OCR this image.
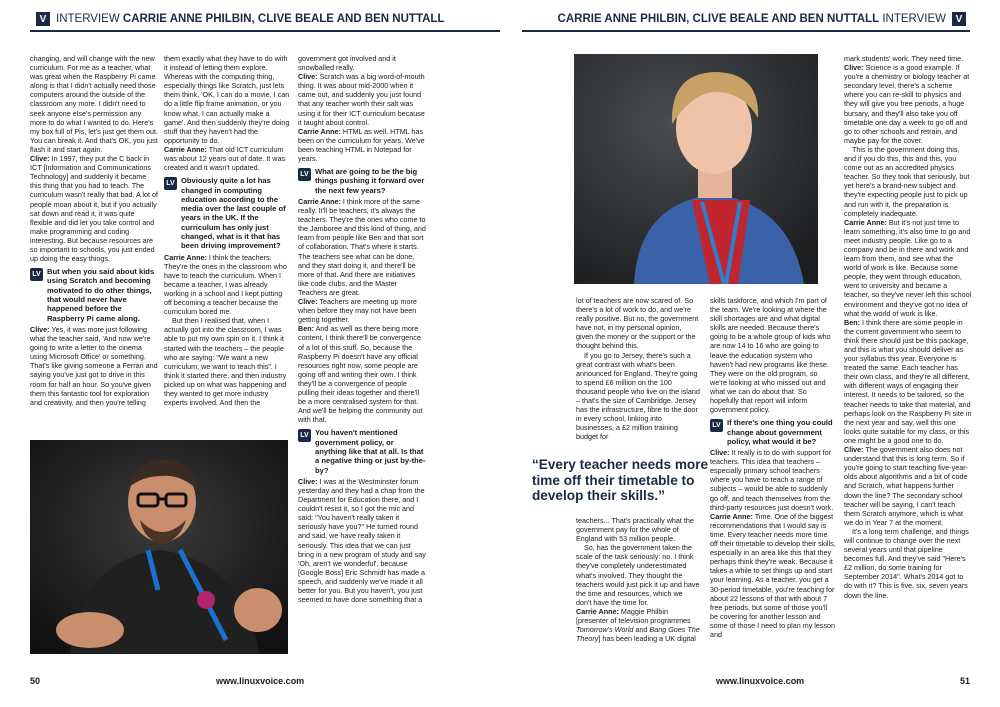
V INTERVIEW
CARRIE ANNE PHILBIN, CLIVE BEALE AND BEN NUTTALL	CARRIE ANNE PHILBIN, CLIVE BEALE AND BEN NUTTALL
INTERVIEW V

changing, and will change with the new curriculum. For me as a teacher, what was great when the Raspberry Pi came along is that I didn't actually need those computers around the outside of the classroom any more. I didn't need to seek anyone else's permission any more to do what I wanted to do. Here's my box full of Pis, let's just get them out. You can break it. And that's OK, you just flash it and start again.

Clive: In 1997, they put the C back in ICT [Information and Communications Technology] and suddenly it became this thing that you had to teach. The curriculum wasn't really that bad. A lot of people moan about it, but if you actually sat down and read it, it was quite flexible and did let you take control and make programming and coding interesting. But because resources are so important to schools, you just ended up doing the easy things.

LV But when you said about kids using Scratch and becoming motivated to do other things, that would never have happened before the Raspberry Pi came along.

Clive: Yes, it was more just following what the teacher said, 'And now we're going to write a letter to the cinema using Microsoft Office' or something. That's like giving someone a Ferrari and saying you've just got to drive in this room for half an hour. So you've given them this fantastic tool for exploration and creativity, and then you're telling

them exactly what they have to do with it instead of letting them explore. Whereas with the computing thing, especially things like Scratch, just lets them think, 'OK, I can do a movie, I can do a little flip frame animation, or you know what, I can actually make a game'. And then suddenly they're doing stuff that they haven't had the opportunity to do.

Carrie Anne: That old ICT curriculum was about 12 years out of date. It was created and it wasn't updated.

LV Obviously quite a lot has changed in computing education according to the media over the last couple of years in the UK. If the curriculum has only just changed, what is it that has been driving improvement?

Carrie Anne: I think the teachers. They're the ones in the classroom who have to teach the curriculum. When I became a teacher, I was already working in a school and I kept putting off becoming a teacher because the curriculum bored me.

But then I realised that, when I actually got into the classroom, I was able to put my own spin on it. I think it started with the teachers – the people who are saying: "We want a new curriculum; we want to teach this". I think it started there, and then industry picked up on what was happening and they wanted to get more industry experts involved. And then the

government got involved and it snowballed really.

Clive: Scratch was a big word-of-mouth thing. It was about mid-2000 when it came out, and suddenly you just found that any teacher worth their salt was using it for their ICT curriculum because it taught about control.

Carrie Anne: HTML as well. HTML has been on the curriculum for years. We've been teaching HTML in Notepad for years.

LV What are going to be the big things pushing it forward over the next few years?

Carrie Anne: I think more of the same really. It'll be teachers, it's always the teachers. They're the ones who come to the Jamboree and this kind of thing, and learn from people like Ben and that sort of collaboration. That's where it starts. The teachers see what can be done, and they start doing it, and there'll be more of that. And there are initiatives like code clubs, and the Master Teachers are great.

Clive: Teachers are meeting up more when before they may not have been getting together.

Ben: And as well as there being more content, I think there'll be convergence of a lot of this stuff. So, because the Raspberry Pi doesn't have any official resources right now, some people are going off and writing their own. I think they'll be a convergence of people pulling their ideas together and there'll be a more centralised system for that. And we'll be helping the community out with that.

LV You haven't mentioned government policy, or anything like that at all. Is that a negative thing or just by-the-by?

Clive: I was at the Westminster forum yesterday and they had a chap from the Department for Education there, and I couldn't resist it, so I got the mic and said: "You haven't really taken it seriously have you?" He turned round and said, we have really taken it seriously. This idea that we can just bring in a new program of study and say 'Oh, aren't we wonderful', because [Google Boss] Eric Schmidt has made a speech, and suddenly we've made it all better for you. But you haven't, you just seemed to have done something that a

lot of teachers are now scared of. So there's a lot of work to do, and we're really positive. But no, the government have not, in my personal opinion, given the money or the support or the thought behind this.

If you go to Jersey, there's such a great contrast with what's been announced for England. They're going to spend £6 million on the 100 thousand people who live on the island – that's the size of Cambridge. Jersey has the infrastructure, fibre to the door in every school, linking into businesses, a £2 million training budget for

“Every teacher needs more time off their timetable to develop their skills.”

teachers... That's practically what the government pay for the whole of England with 53 million people.

So, has the government taken the scale of the task seriously: no. I think they've completely underestimated what's involved. They thought the teachers would just pick it up and have the time and resources, which we don't have the time for.

Carrie Anne: Maggie Philbin [presenter of television programmes Tomorrow's World and Bang Goes The Theory] has been leading a UK digital

skills taskforce, and which I'm part of the team. We're looking at where the skill shortages are and what digital skills are needed. Because there's going to be a whole group of kids who are now 14 to 16 who are going to leave the education system who haven't had new programs like these. They were on the old program, so we're looking at who missed out and what we can do about that. So hopefully that report will inform government policy.

LV If there's one thing you could change about government policy, what would it be?

Clive: It really is to do with support for teachers. This idea that teachers – especially primary school teachers where you have to teach a range of subjects – would be able to suddenly go off, and teach themselves from the third-party resources just doesn't work.

Carrie Anne: Time. One of the biggest recommendations that I would say is time. Every teacher needs more time off their timetable to develop their skills, especially in an area like this that they perhaps think they're weak. Because it takes a while to set things up and start your learning. As a teacher, you get a 30-period timetable, you're teaching for about 22 lessons of that with about 7 free periods, but some of those you'll be covering for another lesson and some of those I need to plan my lesson and

mark students' work. They need time.

Clive: Science is a good example. If you're a chemistry or biology teacher at secondary level, there's a scheme where you can re-skill to physics and they will give you free periods, a huge bursary, and they'll also take you off timetable one day a week to go off and go to other schools and retrain, and maybe pay for the cover.

This is the government doing this, and if you do this, this and this, you come out as an accredited physics teacher. So they took that seriously, but yet here's a brand-new subject and they're expecting people just to pick up and run with it, the preparation is completely inadequate.

Carrie Anne: But it's not just time to learn something, it's also time to go and meet industry people. Like go to a company and be in there and work and learn from them, and see what the world of work is like. Because some people, they went through education, went to university and became a teacher, so they've never left this school environment and they've got no idea of what the world of work is like.

Ben: I think there are some people in the current government who seem to think there should just be this package, and this is what you should deliver as your syllabus this year. Everyone is treated the same. Each teacher has their own class, and they're all different, with different ways of engaging their interest. It needs to be tailored, so the teacher needs to take that material, and perhaps look on the Raspberry Pi site in the next year and say, well this one looks quite suitable for my class, or this one might be a good one to do.

Clive: The government also does not understand that this is long term. So if you're going to start teaching five-year-olds about algorithms and a bit of code and Scratch, what happens further down the line? The secondary school teacher will be saying, I can't teach them Scratch anymore, which is what we do in Year 7 at the moment.

It's a long term challenge, and things will continue to change over the next several years until that pipeline becomes full. And they've said "Here's £2 million, do some training for September 2014". What's 2014 got to do with it? This is five, six, seven years down the line.

50	www.linuxvoice.com	www.linuxvoice.com	51
